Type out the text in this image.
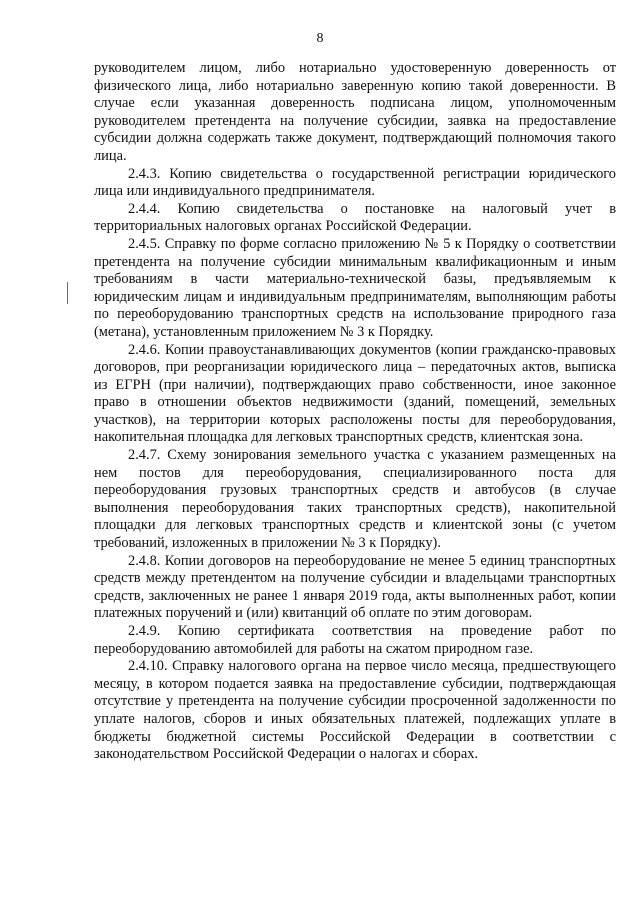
8

руководителем лицом, либо нотариально удостоверенную доверенность от физического лица, либо нотариально заверенную копию такой доверенности. В случае если указанная доверенность подписана лицом, уполномоченным руководителем претендента на получение субсидии, заявка на предоставление субсидии должна содержать также документ, подтверждающий полномочия такого лица.

2.4.3. Копию свидетельства о государственной регистрации юридического лица или индивидуального предпринимателя.

2.4.4. Копию свидетельства о постановке на налоговый учет в территориальных налоговых органах Российской Федерации.

2.4.5. Справку по форме согласно приложению № 5 к Порядку о соответствии претендента на получение субсидии минимальным квалификационным и иным требованиям в части материально-технической базы, предъявляемым к юридическим лицам и индивидуальным предпринимателям, выполняющим работы по переоборудованию транспортных средств на использование природного газа (метана), установленным приложением № 3 к Порядку.

2.4.6. Копии правоустанавливающих документов (копии гражданско-правовых договоров, при реорганизации юридического лица – передаточных актов, выписка из ЕГРН (при наличии), подтверждающих право собственности, иное законное право в отношении объектов недвижимости (зданий, помещений, земельных участков), на территории которых расположены посты для переоборудования, накопительная площадка для легковых транспортных средств, клиентская зона.

2.4.7. Схему зонирования земельного участка с указанием размещенных на нем постов для переоборудования, специализированного поста для переоборудования грузовых транспортных средств и автобусов (в случае выполнения переоборудования таких транспортных средств), накопительной площадки для легковых транспортных средств и клиентской зоны (с учетом требований, изложенных в приложении № 3 к Порядку).

2.4.8. Копии договоров на переоборудование не менее 5 единиц транспортных средств между претендентом на получение субсидии и владельцами транспортных средств, заключенных не ранее 1 января 2019 года, акты выполненных работ, копии платежных поручений и (или) квитанций об оплате по этим договорам.

2.4.9. Копию сертификата соответствия на проведение работ по переоборудованию автомобилей для работы на сжатом природном газе.

2.4.10. Справку налогового органа на первое число месяца, предшествующего месяцу, в котором подается заявка на предоставление субсидии, подтверждающая отсутствие у претендента на получение субсидии просроченной задолженности по уплате налогов, сборов и иных обязательных платежей, подлежащих уплате в бюджеты бюджетной системы Российской Федерации в соответствии с законодательством Российской Федерации о налогах и сборах.
